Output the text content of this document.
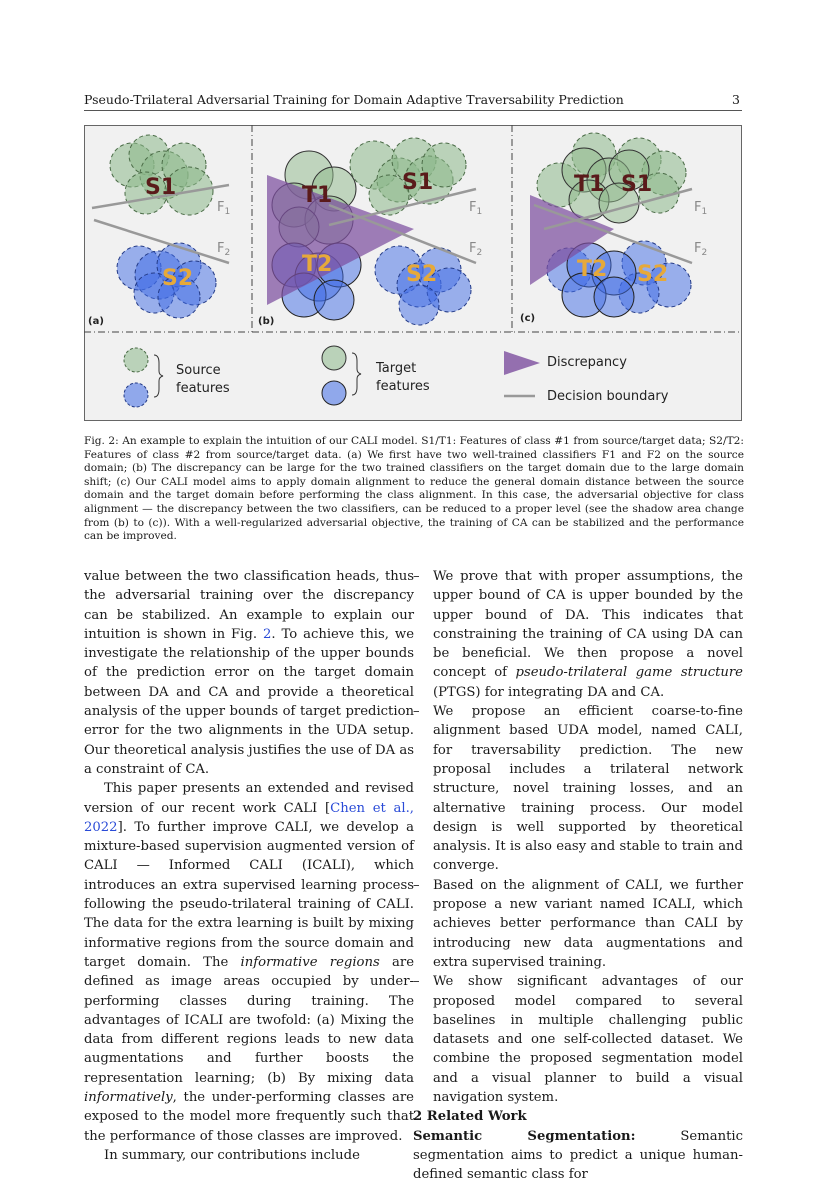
Pseudo-Trilateral Adversarial Training for Domain Adaptive Traversability Prediction	3
S1
S2
$F_1$
$F_2$
(a)
T1
S1
T2	S2
$F_1$
$F_2$
(b)
T1 S1
T2 S2
$F_1$
$F_2$
(c)
Source
features
Target
features
Discrepancy
Decision boundary
Fig. 2: An example to explain the intuition of our CALI model. S1/T1: Features of class #1 from source/target data; S2/T2: Features of class #2 from source/target data. (a) We first have two well-trained classifiers F1 and F2 on the source domain; (b) The discrepancy can be large for the two trained classifiers on the target domain due to the large domain shift; (c) Our CALI model aims to apply domain alignment to reduce the general domain distance between the source domain and the target domain before performing the class alignment. In this case, the adversarial objective for class alignment — the discrepancy between the two classifiers, can be reduced to a proper level (see the shadow area change from (b) to (c)). With a well-regularized adversarial objective, the training of CA can be stabilized and the performance can be improved.

value between the two classification heads, thus the adversarial training over the discrepancy can be stabilized. An example to explain our intuition is shown in Fig. 2. To achieve this, we investigate the relationship of the upper bounds of the prediction error on the target domain between DA and CA and provide a theoretical analysis of the upper bounds of target prediction error for the two alignments in the UDA setup. Our theoretical analysis justifies the use of DA as a constraint of CA.

This paper presents an extended and revised version of our recent work CALI [Chen et al., 2022]. To further improve CALI, we develop a mixture-based supervision augmented version of CALI — Informed CALI (ICALI), which introduces an extra supervised learning process following the pseudo-trilateral training of CALI. The data for the extra learning is built by mixing informative regions from the source domain and target domain. The informative regions are defined as image areas occupied by under-performing classes during training. The advantages of ICALI are twofold: (a) Mixing the data from different regions leads to new data augmentations and further boosts the representation learning; (b) By mixing data informatively, the under-performing classes are exposed to the model more frequently such that the performance of those classes are improved.

In summary, our contributions include

– We prove that with proper assumptions, the upper bound of CA is upper bounded by the upper bound of DA. This indicates that constraining the training of CA using DA can be beneficial. We then propose a novel concept of pseudo-trilateral game structure (PTGS) for integrating DA and CA.

– We propose an efficient coarse-to-fine alignment based UDA model, named CALI, for traversability prediction. The new proposal includes a trilateral network structure, novel training losses, and an alternative training process. Our model design is well supported by theoretical analysis. It is also easy and stable to train and converge.

– Based on the alignment of CALI, we further propose a new variant named ICALI, which achieves better performance than CALI by introducing new data augmentations and extra supervised training.

– We show significant advantages of our proposed model compared to several baselines in multiple challenging public datasets and one self-collected dataset. We combine the proposed segmentation model and a visual planner to build a visual navigation system.

2 Related Work

Semantic Segmentation: Semantic segmentation aims to predict a unique human-defined semantic class for
